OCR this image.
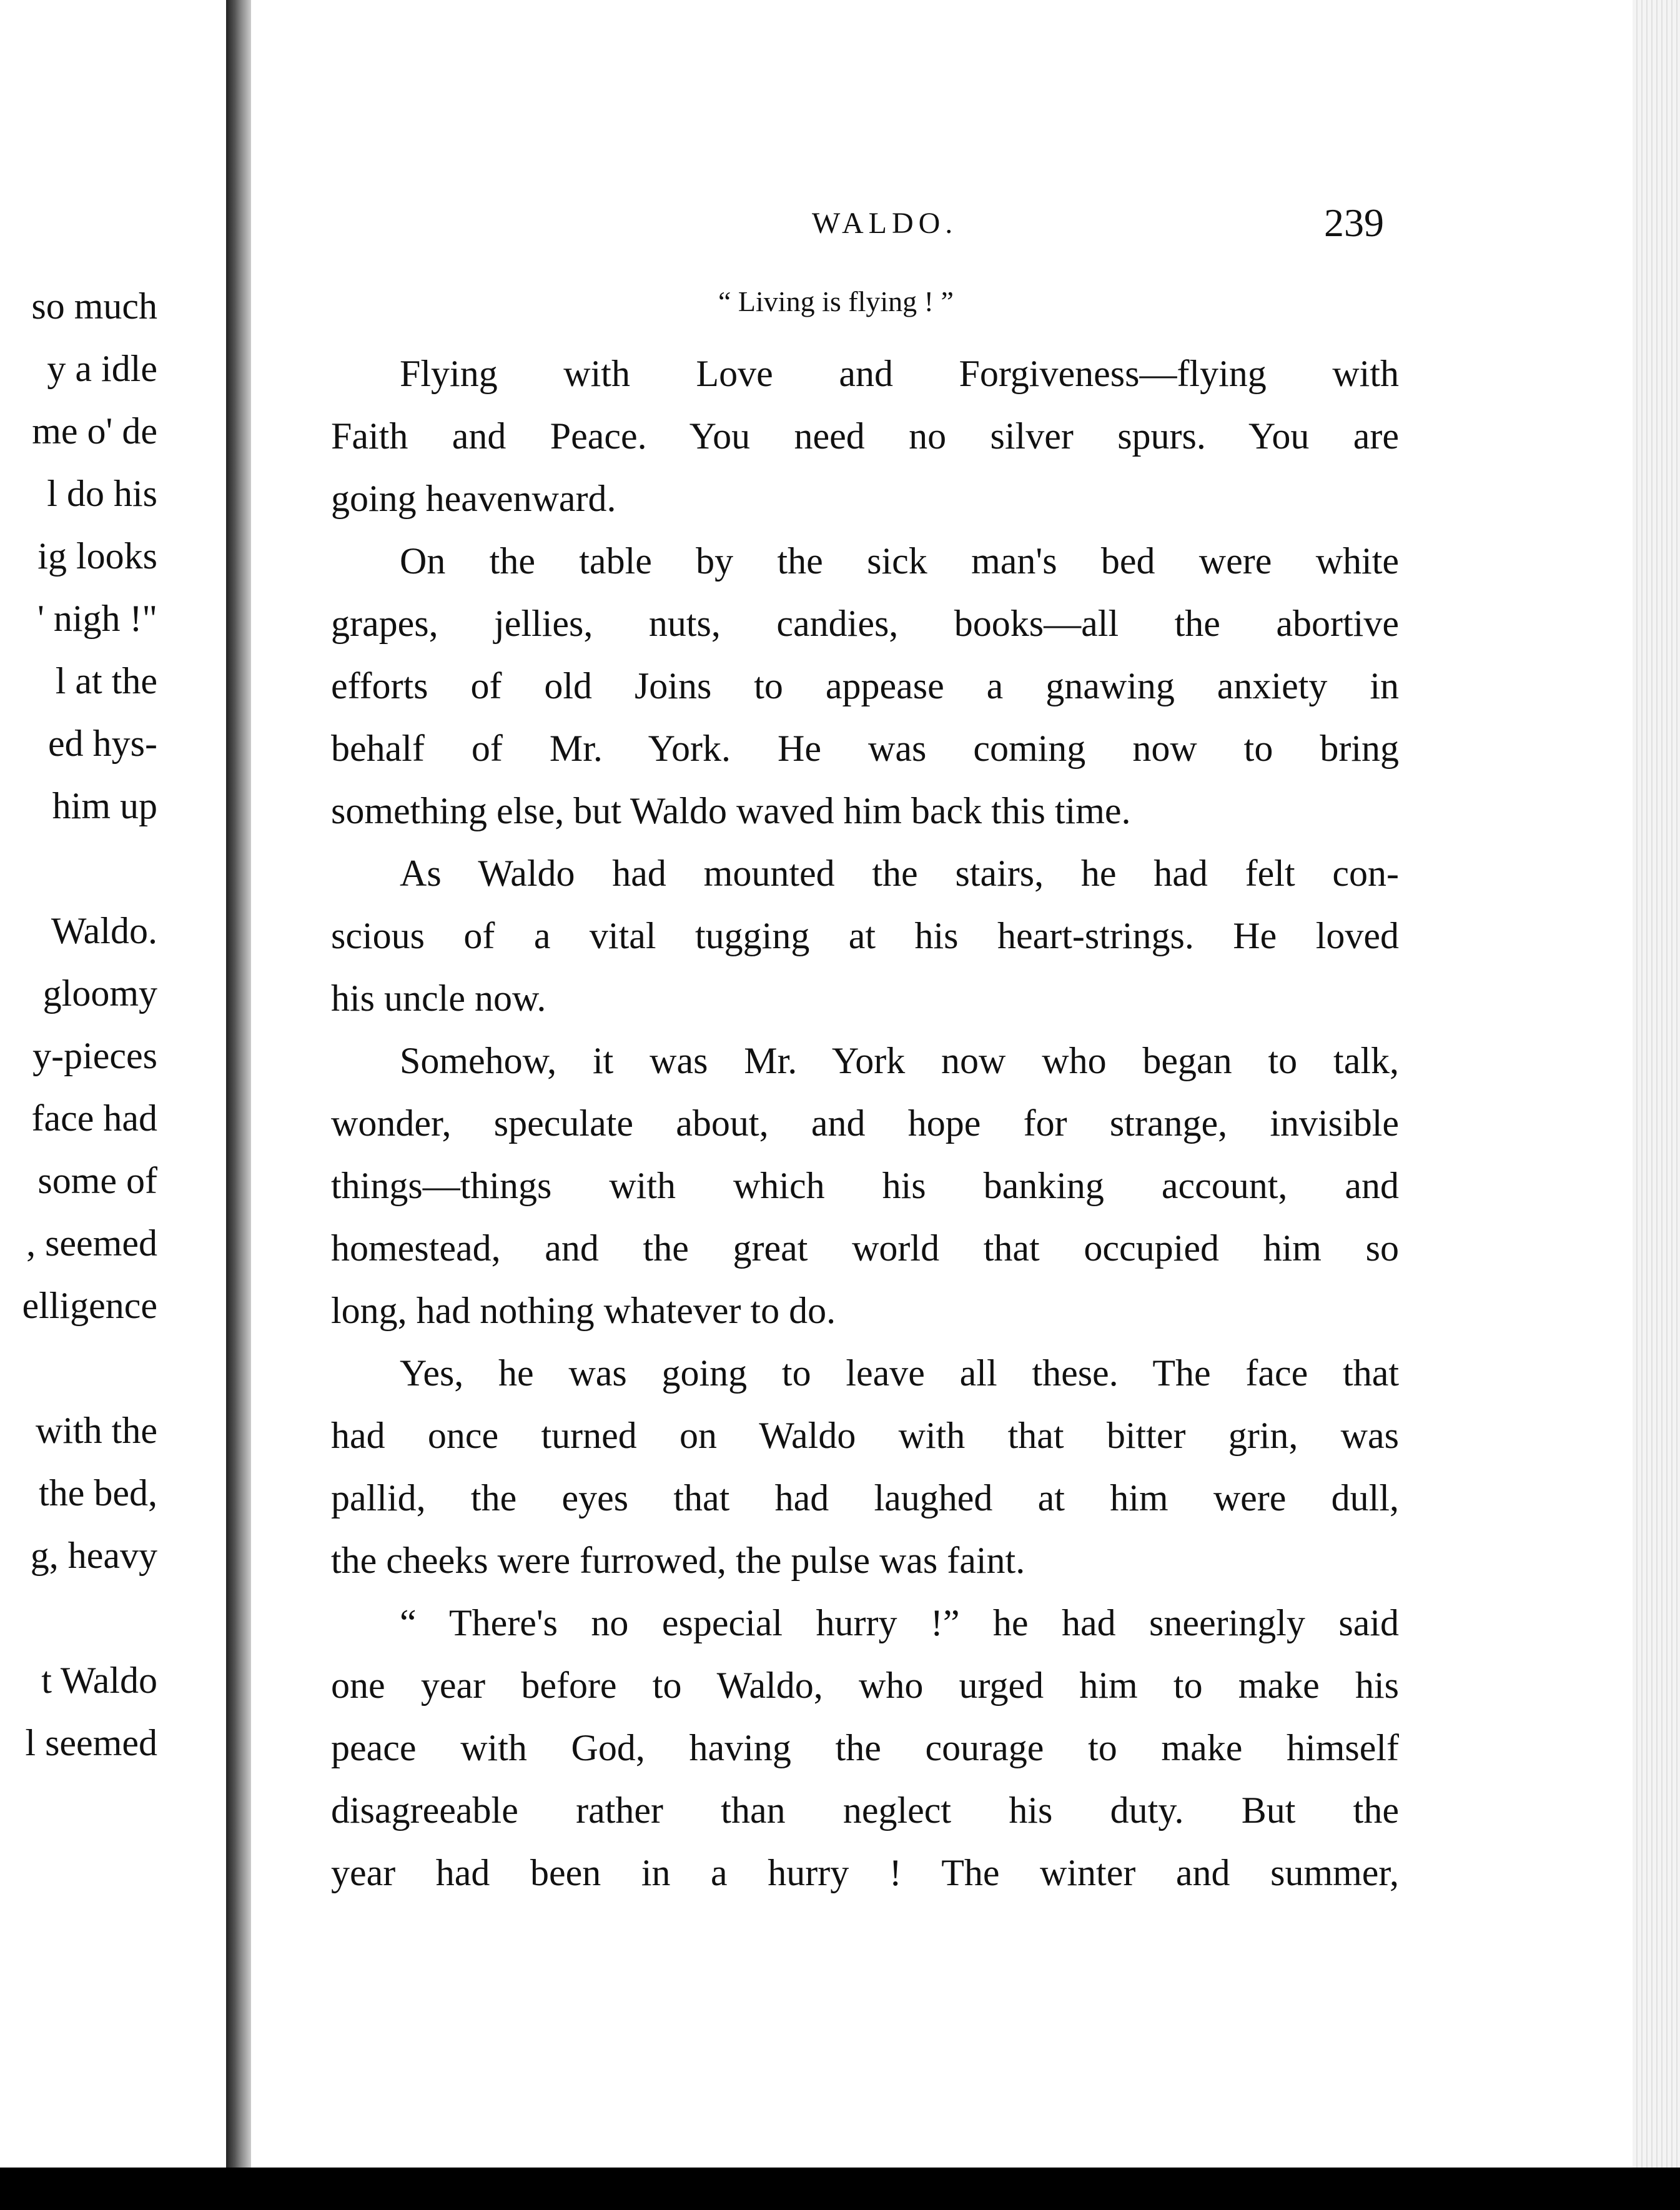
so much
y a idle
me o' de
l do his
ig looks
' nigh !"
l at the
ed hys-
him up
Waldo.
gloomy
y-pieces
face had
some of
, seemed
elligence
with the
the bed,
g, heavy
t Waldo
l seemed
WALDO.	239
“ Living is flying ! ”
Flying with Love and Forgiveness—flying with
Faith and Peace. You need no silver spurs. You are
going heavenward.
On the table by the sick man's bed were white
grapes, jellies, nuts, candies, books—all the abortive
efforts of old Joins to appease a gnawing anxiety in
behalf of Mr. York. He was coming now to bring
something else, but Waldo waved him back this time.
As Waldo had mounted the stairs, he had felt con-
scious of a vital tugging at his heart-strings. He loved
his uncle now.
Somehow, it was Mr. York now who began to talk,
wonder, speculate about, and hope for strange, invisible
things—things with which his banking account, and
homestead, and the great world that occupied him so
long, had nothing whatever to do.
Yes, he was going to leave all these. The face that
had once turned on Waldo with that bitter grin, was
pallid, the eyes that had laughed at him were dull,
the cheeks were furrowed, the pulse was faint.
“ There's no especial hurry !” he had sneeringly said
one year before to Waldo, who urged him to make his
peace with God, having the courage to make himself
disagreeable rather than neglect his duty. But the
year had been in a hurry ! The winter and summer,
